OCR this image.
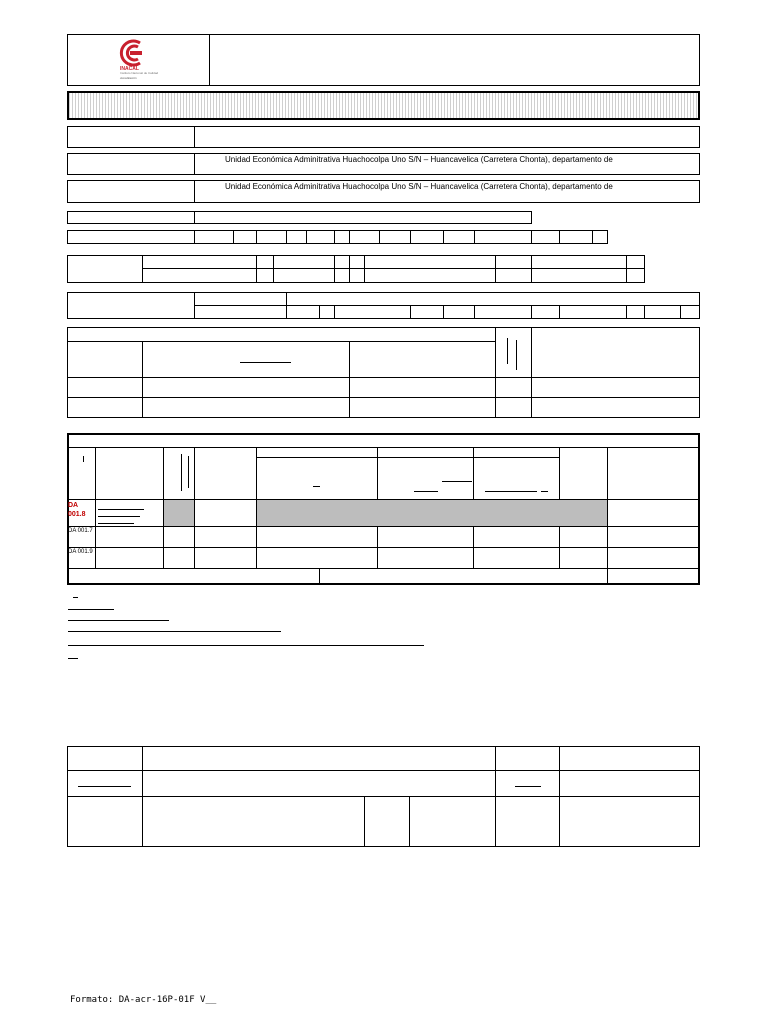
INACAL
Instituto Nacional de Calidad
Acreditación
Unidad Económica Adminitrativa Huachocolpa Uno S/N – Huancavelica (Carretera Chonta), departamento de
Unidad Económica Adminitrativa Huachocolpa Uno S/N – Huancavelica (Carretera Chonta), departamento de
DA 001.8
DA 001.7
DA 001.9
Formato: DA-acr-16P-01F V__
